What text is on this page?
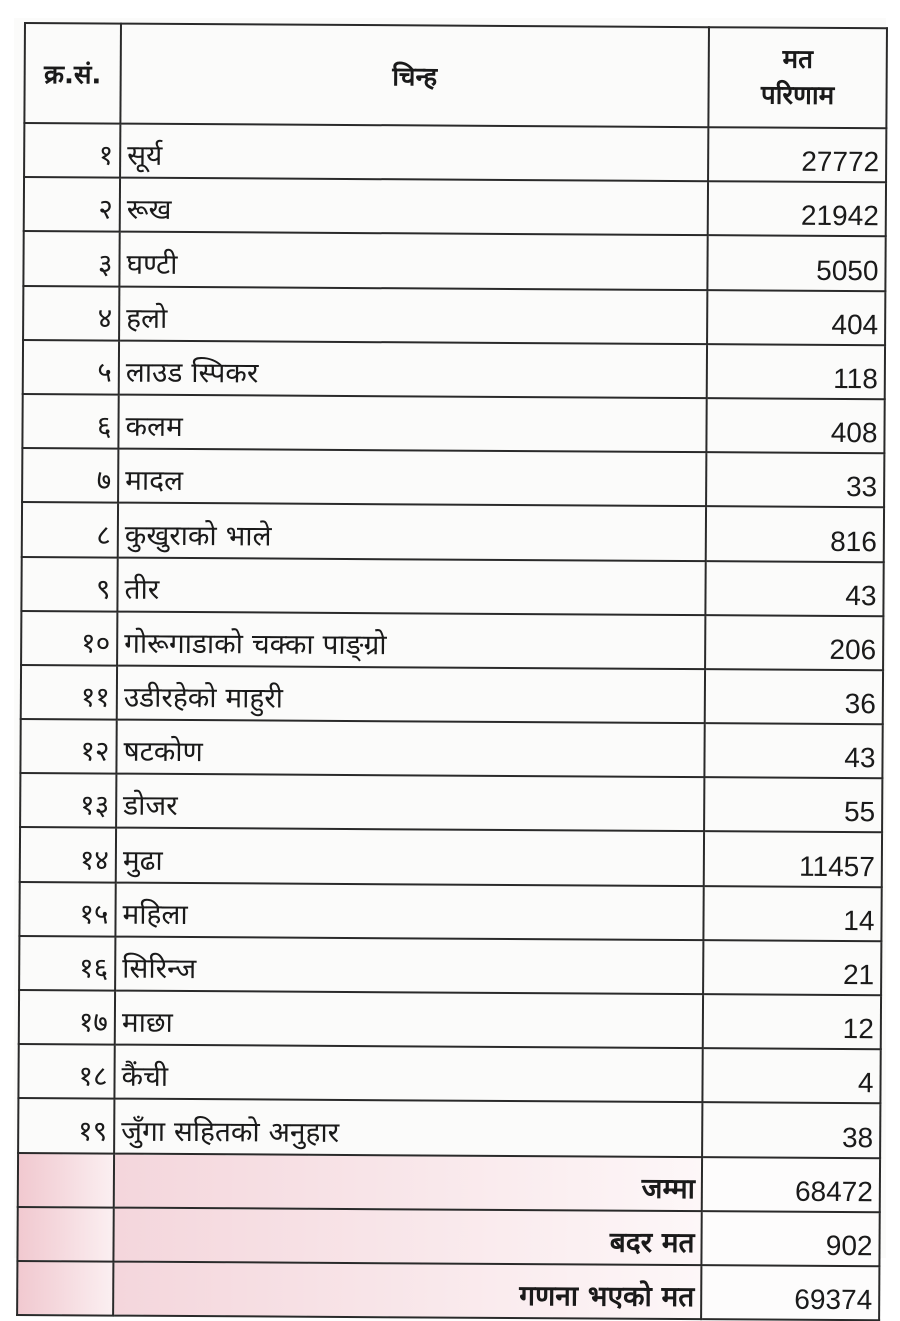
क्र.सं.	चिन्ह	मत
परिणाम

१	सूर्य	27772
२	रूख	21942
३	घण्टी	5050
४	हलो	404
५	लाउड स्पिकर	118
६	कलम	408
७	मादल	33
८	कुखुराको भाले	816
९	तीर	43
१०	गोरूगाडाको चक्का पाङ्ग्रो	206
११	उडीरहेको माहुरी	36
१२	षटकोण	43
१३	डोजर	55
१४	मुढा	11457
१५	महिला	14
१६	सिरिन्ज	21
१७	माछा	12
१८	कैंची	4
१९	जुँगा सहितको अनुहार	38
	जम्मा	68472
	बदर मत	902
	गणना भएको मत	69374
